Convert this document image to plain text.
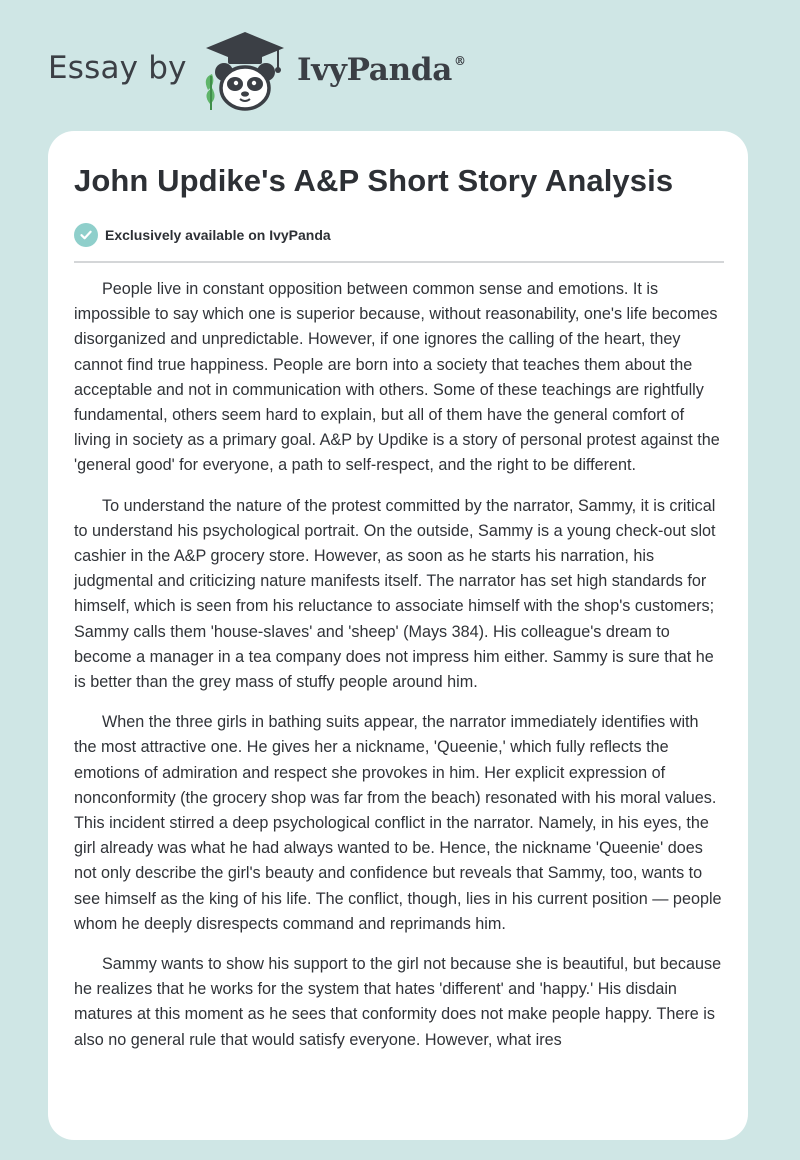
Essay by	IvyPanda ®
John Updike's A&P Short Story Analysis
Exclusively available on IvyPanda

People live in constant opposition between common sense and emotions. It is impossible to say which one is superior because, without reasonability, one's life becomes disorganized and unpredictable. However, if one ignores the calling of the heart, they cannot find true happiness. People are born into a society that teaches them about the acceptable and not in communication with others. Some of these teachings are rightfully fundamental, others seem hard to explain, but all of them have the general comfort of living in society as a primary goal. A&P by Updike is a story of personal protest against the 'general good' for everyone, a path to self-respect, and the right to be different.

To understand the nature of the protest committed by the narrator, Sammy, it is critical to understand his psychological portrait. On the outside, Sammy is a young check-out slot cashier in the A&P grocery store. However, as soon as he starts his narration, his judgmental and criticizing nature manifests itself. The narrator has set high standards for himself, which is seen from his reluctance to associate himself with the shop's customers; Sammy calls them 'house-slaves' and 'sheep' (Mays 384). His colleague's dream to become a manager in a tea company does not impress him either. Sammy is sure that he is better than the grey mass of stuffy people around him.

When the three girls in bathing suits appear, the narrator immediately identifies with the most attractive one. He gives her a nickname, 'Queenie,' which fully reflects the emotions of admiration and respect she provokes in him. Her explicit expression of nonconformity (the grocery shop was far from the beach) resonated with his moral values. This incident stirred a deep psychological conflict in the narrator. Namely, in his eyes, the girl already was what he had always wanted to be. Hence, the nickname 'Queenie' does not only describe the girl's beauty and confidence but reveals that Sammy, too, wants to see himself as the king of his life. The conflict, though, lies in his current position — people whom he deeply disrespects command and reprimands him.

Sammy wants to show his support to the girl not because she is beautiful, but because he realizes that he works for the system that hates 'different' and 'happy.' His disdain matures at this moment as he sees that conformity does not make people happy. There is also no general rule that would satisfy everyone. However, what ires
